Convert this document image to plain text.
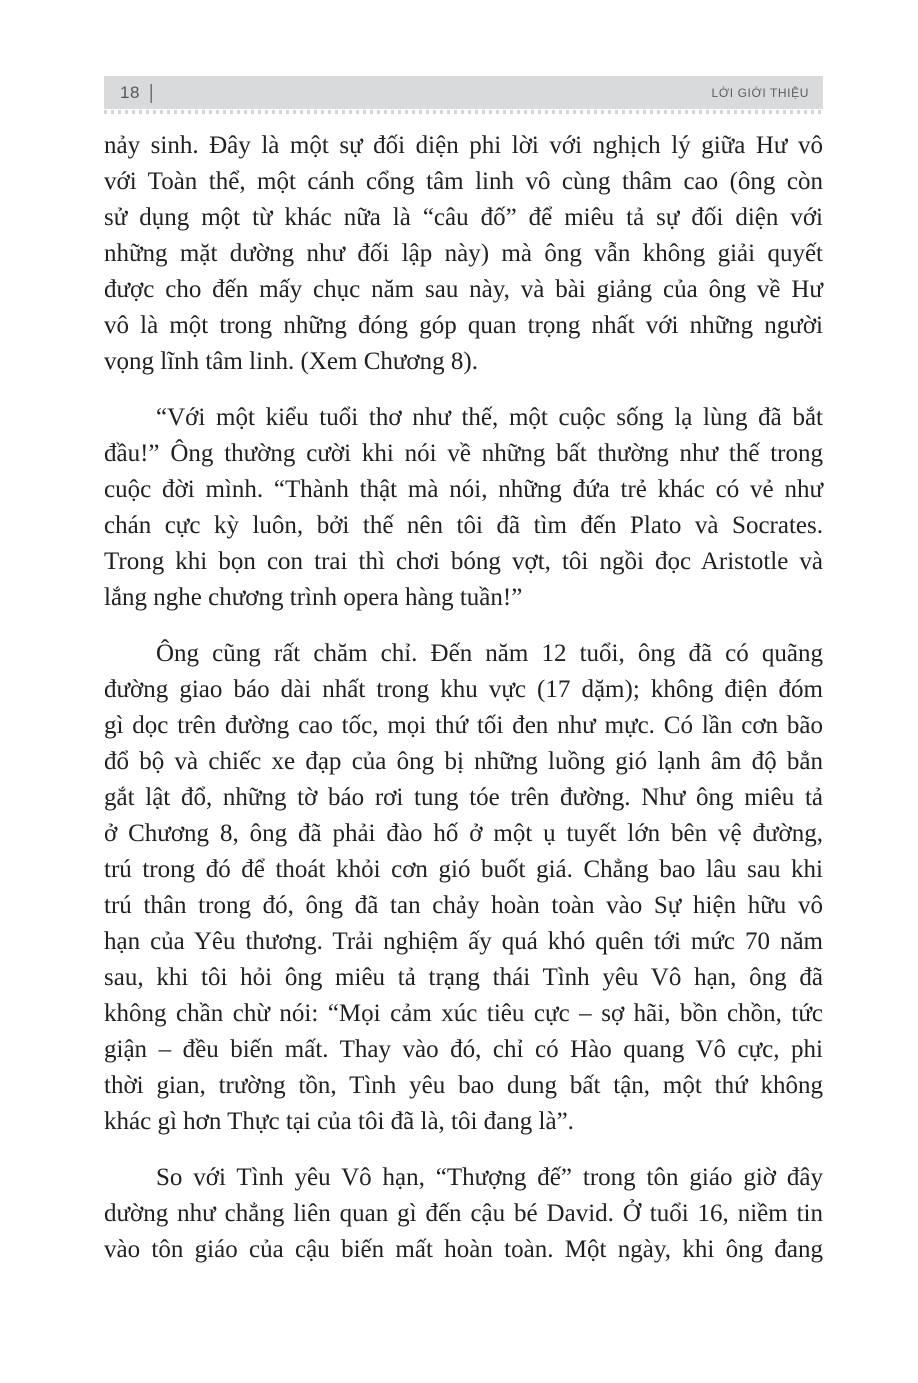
18 |	LỜI GIỚI THIỆU
nảy sinh. Đây là một sự đối diện phi lời với nghịch lý giữa Hư vô
với Toàn thể, một cánh cổng tâm linh vô cùng thâm cao (ông còn
sử dụng một từ khác nữa là “câu đố” để miêu tả sự đối diện với
những mặt dường như đối lập này) mà ông vẫn không giải quyết
được cho đến mấy chục năm sau này, và bài giảng của ông về Hư
vô là một trong những đóng góp quan trọng nhất với những người
vọng lĩnh tâm linh. (Xem Chương 8).
“Với một kiểu tuổi thơ như thế, một cuộc sống lạ lùng đã bắt
đầu!” Ông thường cười khi nói về những bất thường như thế trong
cuộc đời mình. “Thành thật mà nói, những đứa trẻ khác có vẻ như
chán cực kỳ luôn, bởi thế nên tôi đã tìm đến Plato và Socrates.
Trong khi bọn con trai thì chơi bóng vợt, tôi ngồi đọc Aristotle và
lắng nghe chương trình opera hàng tuần!”
Ông cũng rất chăm chỉ. Đến năm 12 tuổi, ông đã có quãng
đường giao báo dài nhất trong khu vực (17 dặm); không điện đóm
gì dọc trên đường cao tốc, mọi thứ tối đen như mực. Có lần cơn bão
đổ bộ và chiếc xe đạp của ông bị những luồng gió lạnh âm độ bẳn
gắt lật đổ, những tờ báo rơi tung tóe trên đường. Như ông miêu tả
ở Chương 8, ông đã phải đào hố ở một ụ tuyết lớn bên vệ đường,
trú trong đó để thoát khỏi cơn gió buốt giá. Chẳng bao lâu sau khi
trú thân trong đó, ông đã tan chảy hoàn toàn vào Sự hiện hữu vô
hạn của Yêu thương. Trải nghiệm ấy quá khó quên tới mức 70 năm
sau, khi tôi hỏi ông miêu tả trạng thái Tình yêu Vô hạn, ông đã
không chần chừ nói: “Mọi cảm xúc tiêu cực – sợ hãi, bồn chồn, tức
giận – đều biến mất. Thay vào đó, chỉ có Hào quang Vô cực, phi
thời gian, trường tồn, Tình yêu bao dung bất tận, một thứ không
khác gì hơn Thực tại của tôi đã là, tôi đang là”.
So với Tình yêu Vô hạn, “Thượng đế” trong tôn giáo giờ đây
dường như chẳng liên quan gì đến cậu bé David. Ở tuổi 16, niềm tin
vào tôn giáo của cậu biến mất hoàn toàn. Một ngày, khi ông đang
